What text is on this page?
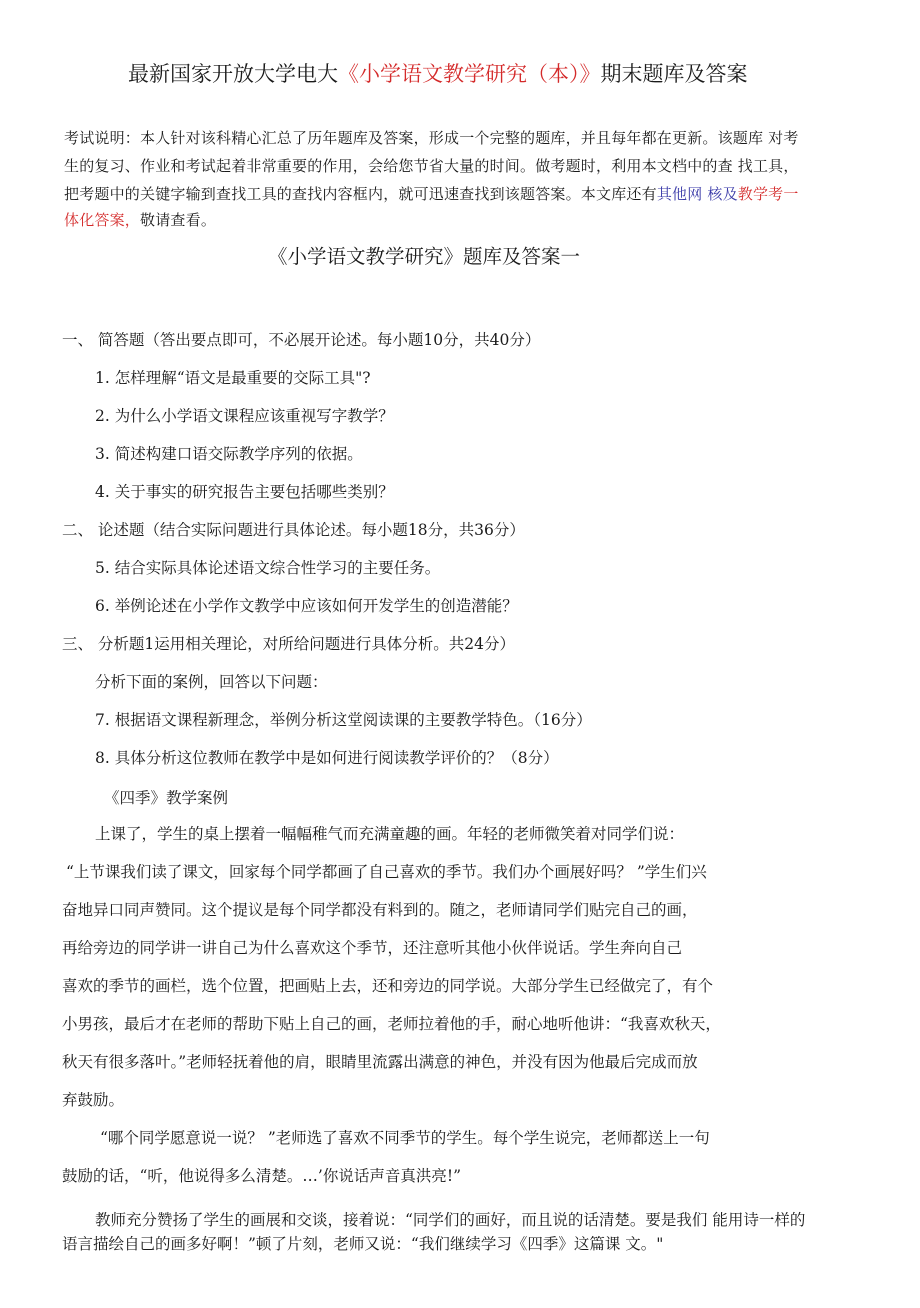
最新国家开放大学电大《小学语文教学研究（本）》期末题库及答案
考试说明：本人针对该科精心汇总了历年题库及答案，形成一个完整的题库，并且每年都在更新。该题库 对考
生的复习、作业和考试起着非常重要的作用，会给您节省大量的时间。做考题时，利用本文档中的查 找工具，
把考题中的关键字输到查找工具的查找内容框内，就可迅速查找到该题答案。本文库还有其他网 核及教学考一
体化答案，敬请查看。
《小学语文教学研究》题库及答案一
一、 简答题（答出要点即可，不必展开论述。每小题10分，共40分）
1. 怎样理解“语文是最重要的交际工具"?
2. 为什么小学语文课程应该重视写字教学？
3. 简述构建口语交际教学序列的依据。
4. 关于事实的研究报告主要包括哪些类别？
二、 论述题（结合实际问题进行具体论述。每小题18分，共36分）
5. 结合实际具体论述语文综合性学习的主要任务。
6. 举例论述在小学作文教学中应该如何开发学生的创造潜能？
三、 分析题1运用相关理论，对所给问题进行具体分析。共24分）
分析下面的案例，回答以下问题：
7. 根据语文课程新理念，举例分析这堂阅读课的主要教学特色。（16分）
8. 具体分析这位教师在教学中是如何进行阅读教学评价的？（8分）
《四季》教学案例
上课了，学生的桌上摆着一幅幅稚气而充满童趣的画。年轻的老师微笑着对同学们说：
“上节课我们读了课文，回家每个同学都画了自己喜欢的季节。我们办个画展好吗？ ”学生们兴
奋地异口同声赞同。这个提议是每个同学都没有料到的。随之，老师请同学们贴完自己的画，
再给旁边的同学讲一讲自己为什么喜欢这个季节，还注意听其他小伙伴说话。学生奔向自己
喜欢的季节的画栏，选个位置，把画贴上去，还和旁边的同学说。大部分学生已经做完了，有个
小男孩，最后才在老师的帮助下贴上自己的画，老师拉着他的手，耐心地听他讲：“我喜欢秋天，
秋天有很多落叶。”老师轻抚着他的肩，眼睛里流露出满意的神色，并没有因为他最后完成而放
弃鼓励。
“哪个同学愿意说一说？ ”老师选了喜欢不同季节的学生。每个学生说完，老师都送上一句
鼓励的话，“听，他说得多么清楚。…’你说话声音真洪亮!”
教师充分赞扬了学生的画展和交谈，接着说：“同学们的画好，而且说的话清楚。要是我们 能用诗一样的
语言描绘自己的画多好啊！”顿了片刻，老师又说：“我们继续学习《四季》这篇课 文。"
